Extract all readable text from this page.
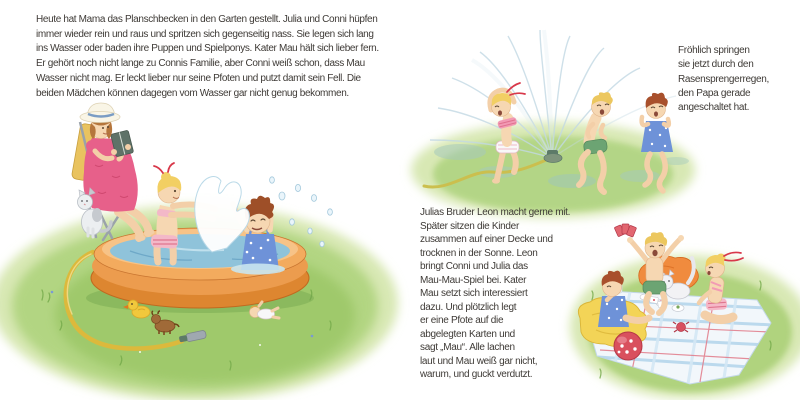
Heute hat Mama das Planschbecken in den Garten gestellt. Julia und Conni hüpfen
immer wieder rein und raus und spritzen sich gegenseitig nass. Sie legen sich lang
ins Wasser oder baden ihre Puppen und Spielponys. Kater Mau hält sich lieber fern.
Er gehört noch nicht lange zu Connis Familie, aber Conni weiß schon, dass Mau
Wasser nicht mag. Er leckt lieber nur seine Pfoten und putzt damit sein Fell. Die
beiden Mädchen können dagegen vom Wasser gar nicht genug bekommen.
Fröhlich springen
sie jetzt durch den
Rasensprengerregen,
den Papa gerade
angeschaltet hat.
Julias Bruder Leon macht gerne mit.
Später sitzen die Kinder
zusammen auf einer Decke und
trocknen in der Sonne. Leon
bringt Conni und Julia das
Mau-Mau-Spiel bei. Kater
Mau setzt sich interessiert
dazu. Und plötzlich legt
er eine Pfote auf die
abgelegten Karten und
sagt „Mau“. Alle lachen
laut und Mau weiß gar nicht,
warum, und guckt verdutzt.
